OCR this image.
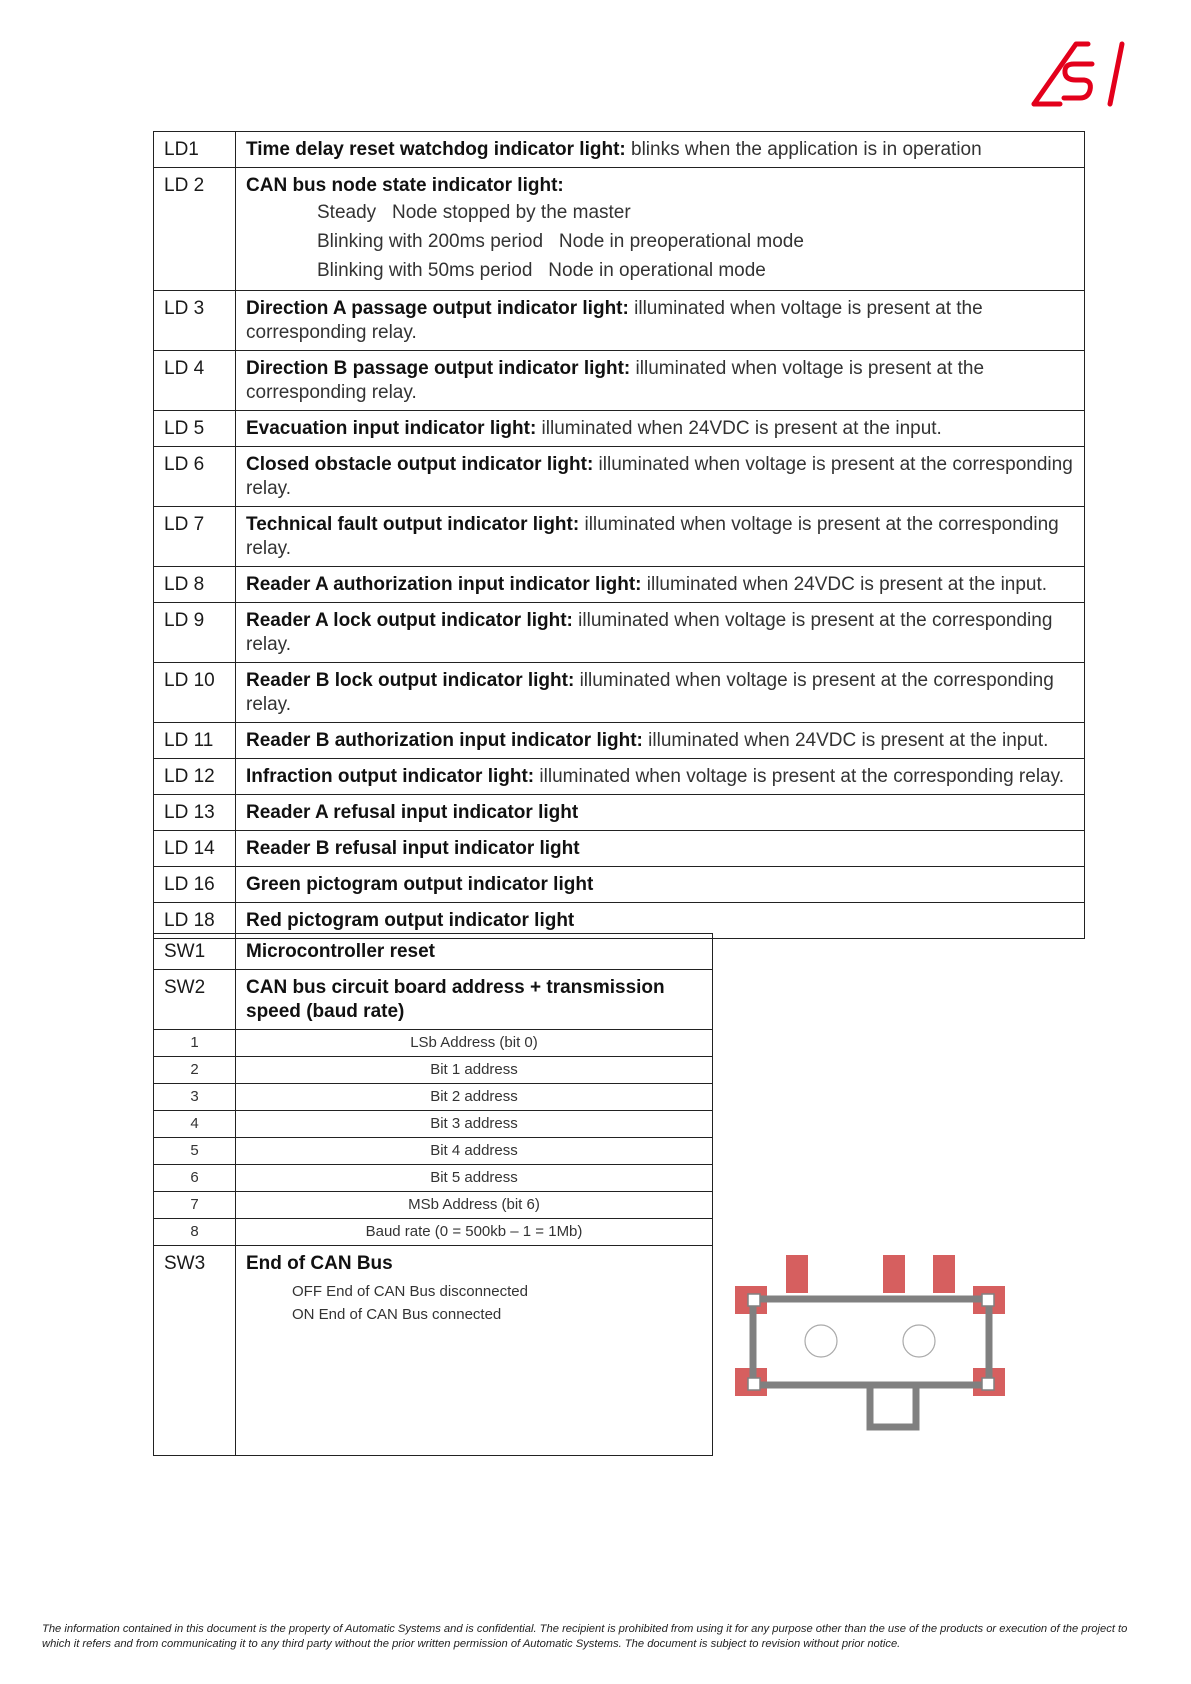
LD1	Time delay reset watchdog indicator light: blinks when the application is in operation
LD 2	CAN bus node state indicator light:
Steady   Node stopped by the master
Blinking with 200ms period   Node in preoperational mode
Blinking with 50ms period   Node in operational mode

LD 3	Direction A passage output indicator light: illuminated when voltage is present at the corresponding relay.
LD 4	Direction B passage output indicator light: illuminated when voltage is present at the corresponding relay.
LD 5	Evacuation input indicator light: illuminated when 24VDC is present at the input.
LD 6	Closed obstacle output indicator light: illuminated when voltage is present at the corresponding relay.
LD 7	Technical fault output indicator light: illuminated when voltage is present at the corresponding relay.
LD 8	Reader A authorization input indicator light: illuminated when 24VDC is present at the input.
LD 9	Reader A lock output indicator light: illuminated when voltage is present at the corresponding relay.
LD 10	Reader B lock output indicator light: illuminated when voltage is present at the corresponding relay.
LD 11	Reader B authorization input indicator light: illuminated when 24VDC is present at the input.
LD 12	Infraction output indicator light: illuminated when voltage is present at the corresponding relay.
LD 13	Reader A refusal input indicator light
LD 14	Reader B refusal input indicator light
LD 16	Green pictogram output indicator light
LD 18	Red pictogram output indicator light
SW1	Microcontroller reset
SW2	CAN bus circuit board address + transmission speed (baud rate)
1	LSb Address (bit 0)
2	Bit 1 address
3	Bit 2 address
4	Bit 3 address
5	Bit 4 address
6	Bit 5 address
7	MSb Address (bit 6)
8	Baud rate (0 = 500kb – 1 = 1Mb)
SW3	End of CAN Bus
OFF End of CAN Bus disconnected
ON End of CAN Bus connected
The information contained in this document is the property of Automatic Systems and is confidential. The recipient is prohibited from using it for any purpose other than the use of the products or execution of the project to which it refers and from communicating it to any third party without the prior written permission of Automatic Systems. The document is subject to revision without prior notice.
